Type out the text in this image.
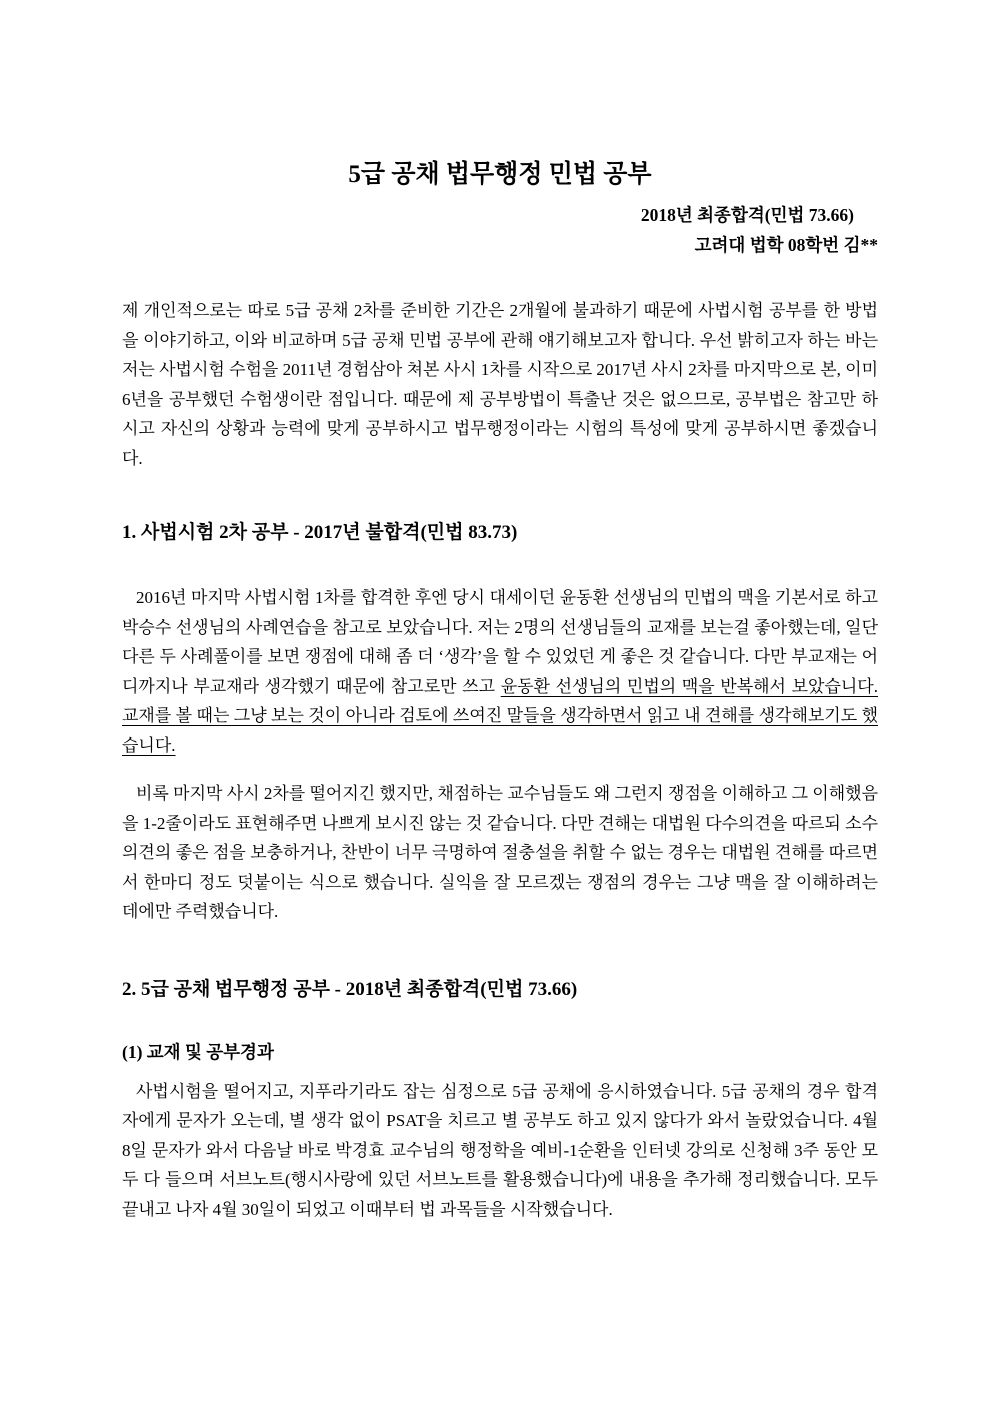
5급 공채 법무행정 민법 공부
2018년 최종합격(민법 73.66)
고려대 법학 08학번 김**

제 개인적으로는 따로 5급 공채 2차를 준비한 기간은 2개월에 불과하기 때문에 사법시험 공부를 한 방법을 이야기하고, 이와 비교하며 5급 공채 민법 공부에 관해 얘기해보고자 합니다. 우선 밝히고자 하는 바는 저는 사법시험 수험을 2011년 경험삼아 쳐본 사시 1차를 시작으로 2017년 사시 2차를 마지막으로 본, 이미 6년을 공부했던 수험생이란 점입니다. 때문에 제 공부방법이 특출난 것은 없으므로, 공부법은 참고만 하시고 자신의 상황과 능력에 맞게 공부하시고 법무행정이라는 시험의 특성에 맞게 공부하시면 좋겠습니다.

1. 사법시험 2차 공부 - 2017년 불합격(민법 83.73)

2016년 마지막 사법시험 1차를 합격한 후엔 당시 대세이던 윤동환 선생님의 민법의 맥을 기본서로 하고 박승수 선생님의 사례연습을 참고로 보았습니다. 저는 2명의 선생님들의 교재를 보는걸 좋아했는데, 일단 다른 두 사례풀이를 보면 쟁점에 대해 좀 더 ‘생각’을 할 수 있었던 게 좋은 것 같습니다. 다만 부교재는 어디까지나 부교재라 생각했기 때문에 참고로만 쓰고 윤동환 선생님의 민법의 맥을 반복해서 보았습니다. 교재를 볼 때는 그냥 보는 것이 아니라 검토에 쓰여진 말들을 생각하면서 읽고 내 견해를 생각해보기도 했습니다.

비록 마지막 사시 2차를 떨어지긴 했지만, 채점하는 교수님들도 왜 그런지 쟁점을 이해하고 그 이해했음을 1-2줄이라도 표현해주면 나쁘게 보시진 않는 것 같습니다. 다만 견해는 대법원 다수의견을 따르되 소수의견의 좋은 점을 보충하거나, 찬반이 너무 극명하여 절충설을 취할 수 없는 경우는 대법원 견해를 따르면서 한마디 정도 덧붙이는 식으로 했습니다. 실익을 잘 모르겠는 쟁점의 경우는 그냥 맥을 잘 이해하려는 데에만 주력했습니다.

2. 5급 공채 법무행정 공부 - 2018년 최종합격(민법 73.66)
(1) 교재 및 공부경과

사법시험을 떨어지고, 지푸라기라도 잡는 심정으로 5급 공채에 응시하였습니다. 5급 공채의 경우 합격자에게 문자가 오는데, 별 생각 없이 PSAT을 치르고 별 공부도 하고 있지 않다가 와서 놀랐었습니다. 4월 8일 문자가 와서 다음날 바로 박경효 교수님의 행정학을 예비-1순환을 인터넷 강의로 신청해 3주 동안 모두 다 들으며 서브노트(행시사랑에 있던 서브노트를 활용했습니다)에 내용을 추가해 정리했습니다. 모두 끝내고 나자 4월 30일이 되었고 이때부터 법 과목들을 시작했습니다.
